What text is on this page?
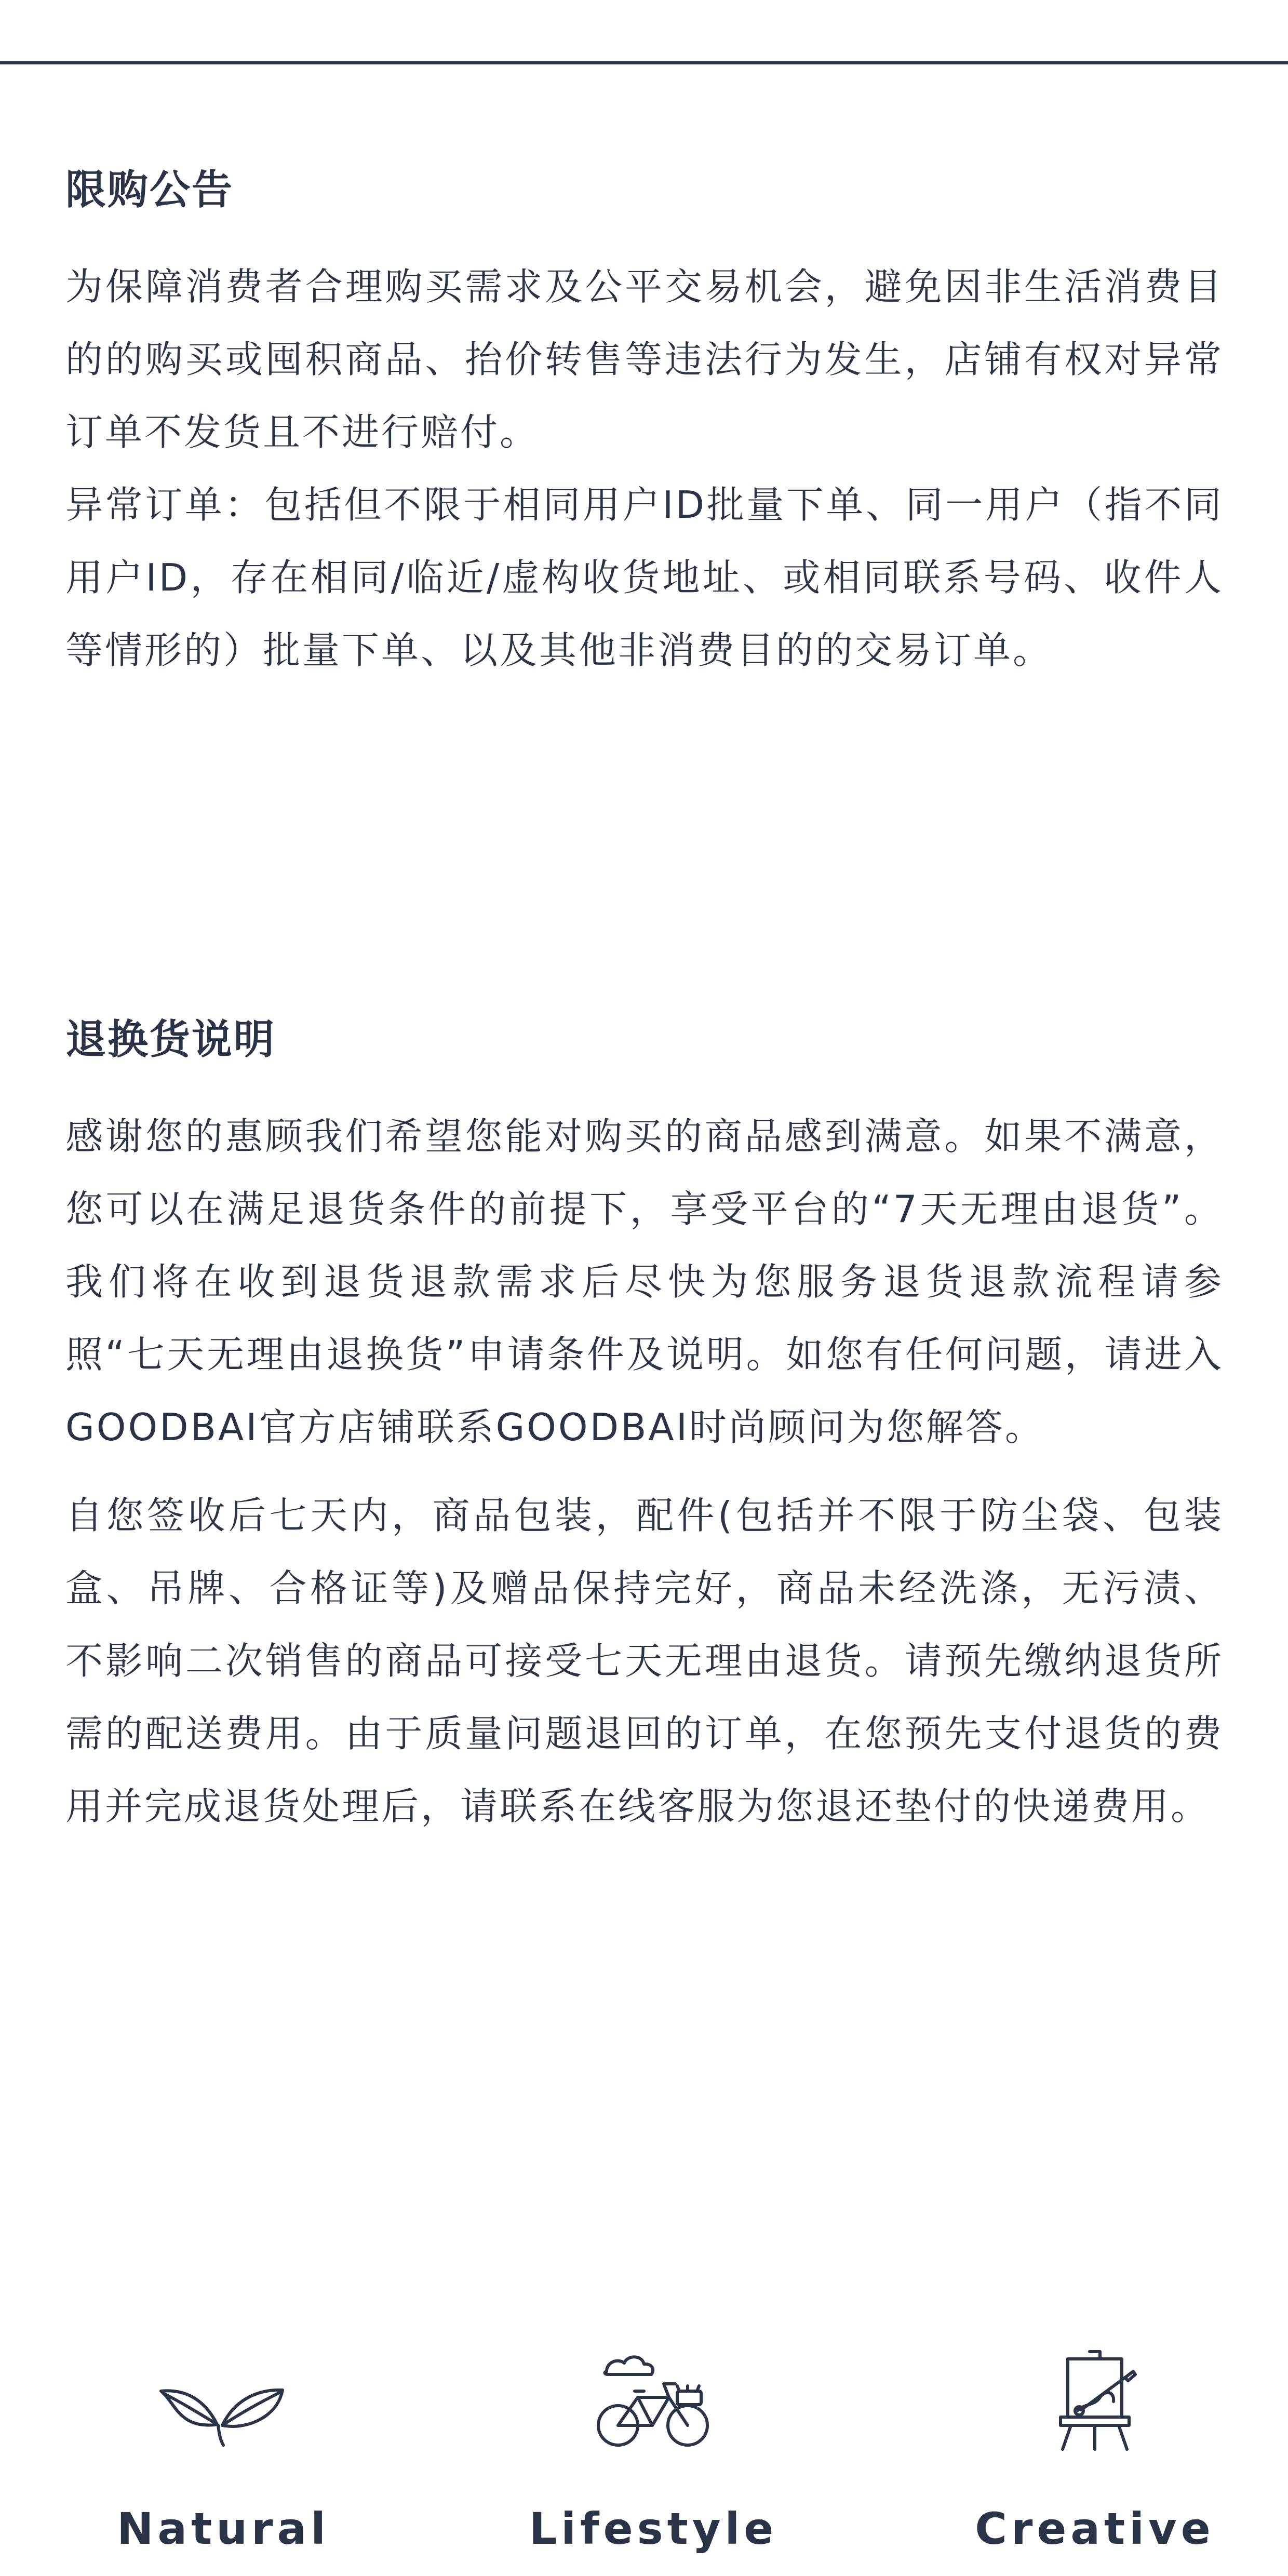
限购公告

为保障消费者合理购买需求及公平交易机会，避免因非生活消费目的的购买或囤积商品、抬价转售等违法行为发生，店铺有权对异常订单不发货且不进行赔付。

异常订单：包括但不限于相同用户ID批量下单、同一用户（指不同用户ID，存在相同/临近/虚构收货地址、或相同联系号码、收件人等情形的）批量下单、以及其他非消费目的的交易订单。

退换货说明

感谢您的惠顾我们希望您能对购买的商品感到满意。如果不满意，您可以在满足退货条件的前提下，享受平台的“7天无理由退货”。我们将在收到退货退款需求后尽快为您服务退货退款流程请参照“七天无理由退换货”申请条件及说明。如您有任何问题，请进入GOODBAI官方店铺联系GOODBAI时尚顾问为您解答。

自您签收后七天内，商品包装，配件(包括并不限于防尘袋、包装盒、吊牌、合格证等)及赠品保持完好，商品未经洗涤，无污渍、不影响二次销售的商品可接受七天无理由退货。请预先缴纳退货所需的配送费用。由于质量问题退回的订单，在您预先支付退货的费用并完成退货处理后，请联系在线客服为您退还垫付的快递费用。

Natural	Lifestyle	Creative
